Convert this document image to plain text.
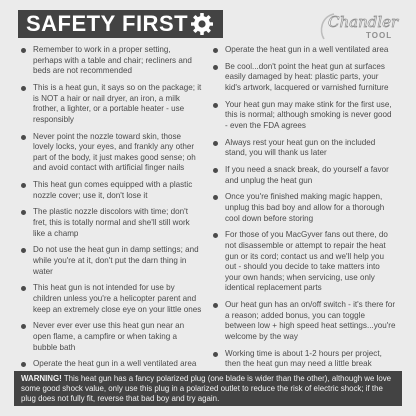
SAFETY FIRST	Chandler
TOOL
Remember to work in a proper setting, perhaps with a table and chair; recliners and beds are not recommended
This is a heat gun, it says so on the package; it is NOT a hair or nail dryer, an iron, a milk frother, a lighter, or a portable heater - use responsibly
Never point the nozzle toward skin, those lovely locks, your eyes, and frankly any other part of the body, it just makes good sense; oh and avoid contact with artificial finger nails
This heat gun comes equipped with a plastic nozzle cover; use it, don't lose it
The plastic nozzle discolors with time; don't fret, this is totally normal and she'll still work like a champ
Do not use the heat gun in damp settings; and while you're at it, don't put the darn thing in water
This heat gun is not intended for use by children unless you're a helicopter parent and keep an extremely close eye on your little ones
Never ever ever use this heat gun near an open flame, a campfire or when taking a bubble bath
Operate the heat gun in a well ventilated area
Operate the heat gun in a well ventilated area
Be cool...don't point the heat gun at surfaces easily damaged by heat: plastic parts, your kid's artwork, lacquered or varnished furniture
Your heat gun may make stink for the first use, this is normal; although smoking is never good - even the FDA agrees
Always rest your heat gun on the included stand, you will thank us later
If you need a snack break, do yourself a favor and unplug the heat gun
Once you're finished making magic happen, unplug this bad boy and allow for a thorough cool down before storing
For those of you MacGyver fans out there, do not disassemble or attempt to repair the heat gun or its cord; contact us and we'll help you out - should you decide to take matters into your own hands; when servicing, use only identical replacement parts
Our heat gun has an on/off switch - it's there for a reason; added bonus, you can toggle between low + high speed heat settings...you're welcome by the way
Working time is about 1-2 hours per project, then the heat gun may need a little break
WARNING! This heat gun has a fancy polarized plug (one blade is wider than the other), although we love some good shock value, only use this plug in a polarized outlet to reduce the risk of electric shock; if the plug does not fully fit, reverse that bad boy and try again.
